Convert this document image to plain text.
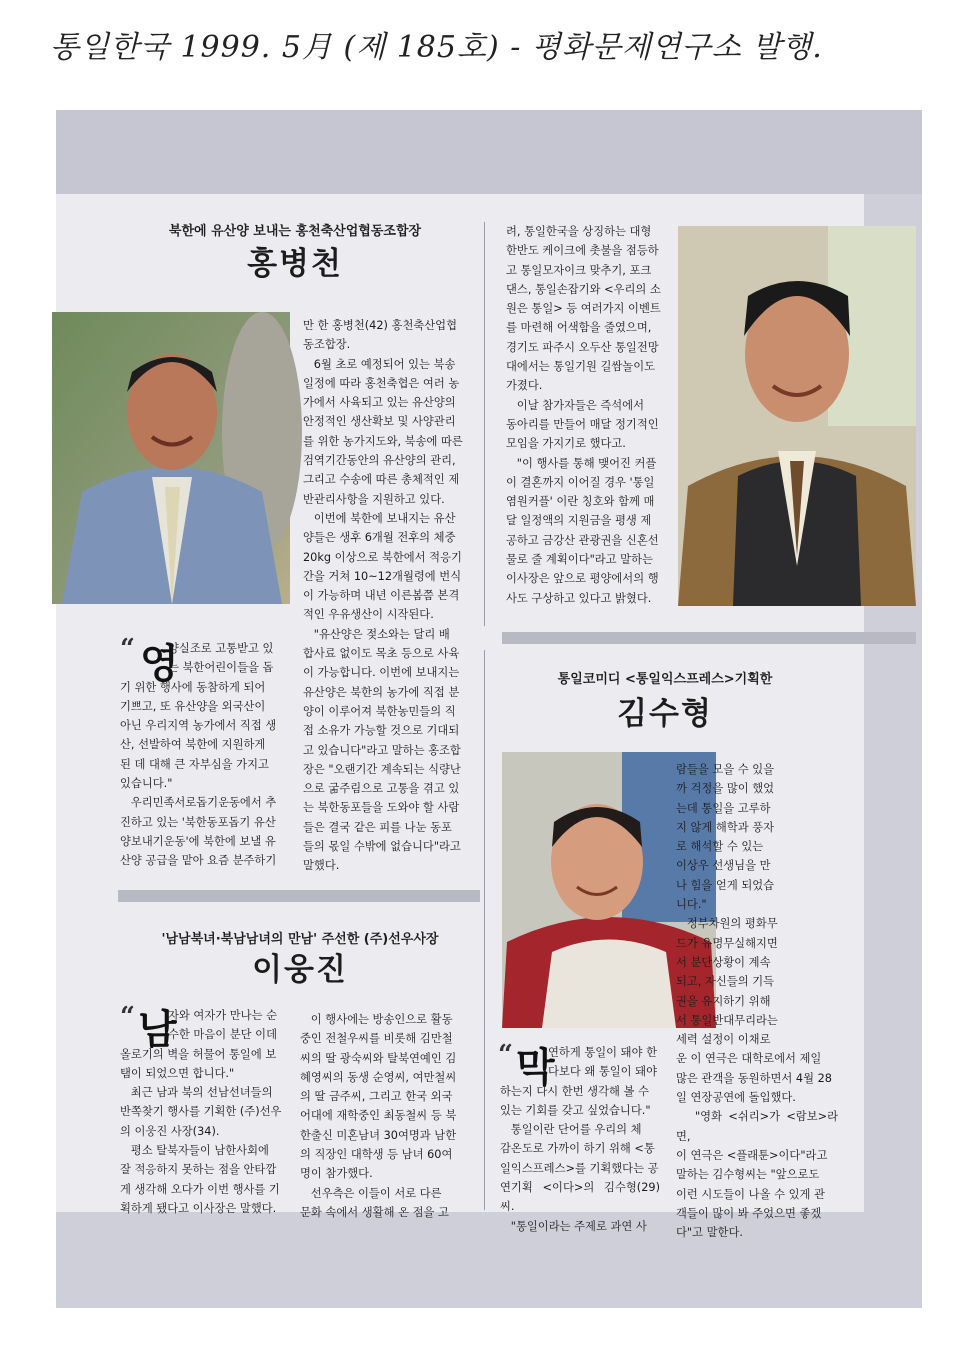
통일한국 1999. 5月 (제 185호) - 평화문제연구소 발행.
북한에 유산양 보내는 홍천축산업협동조합장
홍병천
“ 영
양실조로 고통받고 있
는 북한어린이들을 돕
기 위한 행사에 동참하게 되어
기쁘고, 또 유산양을 외국산이
아닌 우리지역 농가에서 직접 생
산, 선발하여 북한에 지원하게
된 데 대해 큰 자부심을 가지고
있습니다."
우리민족서로돕기운동에서 추
진하고 있는 '북한동포돕기 유산
양보내기운동'에 북한에 보낼 유
산양 공급을 맡아 요즘 분주하기
만 한 홍병천(42) 홍천축산업협
동조합장.
6월 초로 예정되어 있는 북송
일정에 따라 홍천축협은 여러 농
가에서 사육되고 있는 유산양의
안정적인 생산확보 및 사양관리
를 위한 농가지도와, 북송에 따른
검역기간동안의 유산양의 관리,
그리고 수송에 따른 총체적인 제
반관리사항을 지원하고 있다.
이번에 북한에 보내지는 유산
양들은 생후 6개월 전후의 체중
20kg 이상으로 북한에서 적응기
간을 거쳐 10~12개월령에 번식
이 가능하며 내년 이른봄쯤 본격
적인 우유생산이 시작된다.
"유산양은 젖소와는 달리 배
합사료 없이도 목초 등으로 사육
이 가능합니다. 이번에 보내지는
유산양은 북한의 농가에 직접 분
양이 이루어져 북한농민들의 직
접 소유가 가능할 것으로 기대되
고 있습니다"라고 말하는 홍조합
장은 "오랜기간 계속되는 식량난
으로 굶주림으로 고통을 겪고 있
는 북한동포들을 도와야 할 사람
들은 결국 같은 피를 나눈 동포
들의 몫일 수밖에 없습니다"라고
말했다.
려, 통일한국을 상징하는 대형
한반도 케이크에 촛불을 점등하
고 통일모자이크 맞추기, 포크
댄스, 통일손잡기와 <우리의 소
원은 통일> 등 여러가지 이벤트
를 마련해 어색함을 줄였으며,
경기도 파주시 오두산 통일전망
대에서는 통일기원 길쌈놀이도
가졌다.
이날 참가자들은 즉석에서
동아리를 만들어 매달 정기적인
모임을 가지기로 했다고.
"이 행사를 통해 맺어진 커플
이 결혼까지 이어질 경우 '통일
염원커플' 이란 칭호와 함께 매
달 일정액의 지원금을 평생 제
공하고 금강산 관광권을 신혼선
물로 줄 계획이다"라고 말하는
이사장은 앞으로 평양에서의 행
사도 구상하고 있다고 밝혔다.
통일코미디 <통일익스프레스>기획한
김수형
“ 막
연하게 통일이 돼야 한
다보다 왜 통일이 돼야
하는지 다시 한번 생각해 볼 수
있는 기회를 갖고 싶었습니다."
통일이란 단어를 우리의 체
감온도로 가까이 하기 위해 <통
일익스프레스>를 기획했다는 공
연기획 <이다>의 김수형(29)씨.
"통일이라는 주제로 과연 사
람들을 모을 수 있을
까 걱정을 많이 했었
는데 통일을 고루하
지 않게 해학과 풍자
로 해석할 수 있는
이상우 선생님을 만
나 힘을 얻게 되었습
니다."
정부차원의 평화무
드가 유명무실해지면
서 분단상황이 계속
되고, 자신들의 기득
권을 유지하기 위해
서 통일반대무리라는
세력 설정이 이채로
운 이 연극은 대학로에서 제일
많은 관객을 동원하면서 4월 28
일 연장공연에 돌입했다.
"영화 <쉬리>가 <람보>라면,
이 연극은 <플래툰>이다"라고
말하는 김수형씨는 "앞으로도
이런 시도들이 나올 수 있게 관
객들이 많이 봐 주었으면 좋겠
다"고 말한다.
'남남북녀·북남남녀의 만남' 주선한 (주)선우사장
이웅진
“ 남
자와 여자가 만나는 순
수한 마음이 분단 이데
올로기의 벽을 허물어 통일에 보
탬이 되었으면 합니다."
최근 남과 북의 선남선녀들의
반쪽찾기 행사를 기획한 (주)선우
의 이웅진 사장(34).
평소 탈북자들이 남한사회에
잘 적응하지 못하는 점을 안타깝
게 생각해 오다가 이번 행사를 기
획하게 됐다고 이사장은 말했다.
이 행사에는 방송인으로 활동
중인 전철우씨를 비롯해 김만철
씨의 딸 광숙씨와 탈북연예인 김
혜영씨의 동생 순영씨, 여만철씨
의 딸 금주씨, 그리고 한국 외국
어대에 재학중인 최동철씨 등 북
한출신 미혼남녀 30여명과 남한
의 직장인 대학생 등 남녀 60여
명이 참가했다.
선우측은 이들이 서로 다른
문화 속에서 생활해 온 점을 고
